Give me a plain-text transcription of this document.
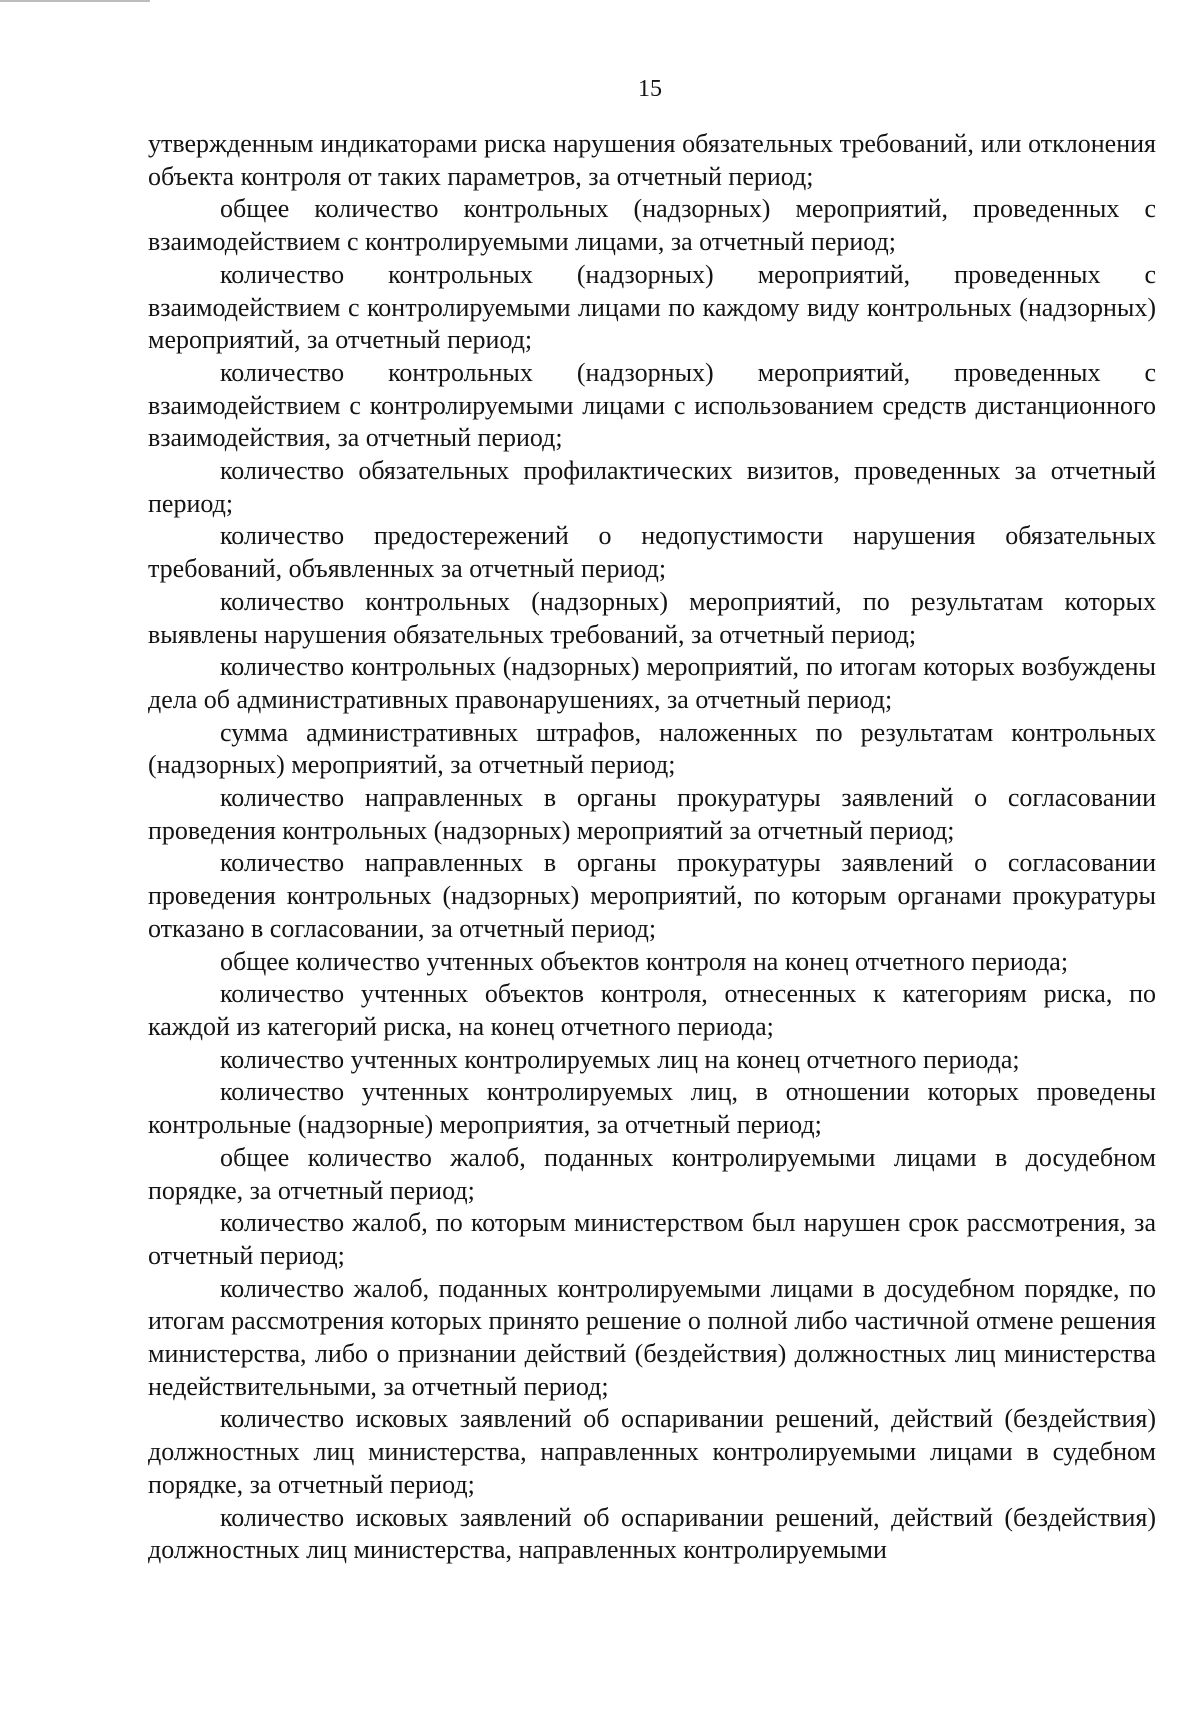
15

утвержденным индикаторами риска нарушения обязательных требований, или отклонения объекта контроля от таких параметров, за отчетный период;

общее количество контрольных (надзорных) мероприятий, проведенных с взаимодействием с контролируемыми лицами, за отчетный период;

количество контрольных (надзорных) мероприятий, проведенных с взаимодействием с контролируемыми лицами по каждому виду контрольных (надзорных) мероприятий, за отчетный период;

количество контрольных (надзорных) мероприятий, проведенных с взаимодействием с контролируемыми лицами с использованием средств дистанционного взаимодействия, за отчетный период;

количество обязательных профилактических визитов, проведенных за отчетный период;

количество предостережений о недопустимости нарушения обязательных требований, объявленных за отчетный период;

количество контрольных (надзорных) мероприятий, по результатам которых выявлены нарушения обязательных требований, за отчетный период;

количество контрольных (надзорных) мероприятий, по итогам которых возбуждены дела об административных правонарушениях, за отчетный период;

сумма административных штрафов, наложенных по результатам контрольных (надзорных) мероприятий, за отчетный период;

количество направленных в органы прокуратуры заявлений о согласовании проведения контрольных (надзорных) мероприятий за отчетный период;

количество направленных в органы прокуратуры заявлений о согласовании проведения контрольных (надзорных) мероприятий, по которым органами прокуратуры отказано в согласовании, за отчетный период;

общее количество учтенных объектов контроля на конец отчетного периода;

количество учтенных объектов контроля, отнесенных к категориям риска, по каждой из категорий риска, на конец отчетного периода;

количество учтенных контролируемых лиц на конец отчетного периода;

количество учтенных контролируемых лиц, в отношении которых проведены контрольные (надзорные) мероприятия, за отчетный период;

общее количество жалоб, поданных контролируемыми лицами в досудебном порядке, за отчетный период;

количество жалоб, по которым министерством был нарушен срок рассмотрения, за отчетный период;

количество жалоб, поданных контролируемыми лицами в досудебном порядке, по итогам рассмотрения которых принято решение о полной либо частичной отмене решения министерства, либо о признании действий (бездействия) должностных лиц министерства недействительными, за отчетный период;

количество исковых заявлений об оспаривании решений, действий (бездействия) должностных лиц министерства, направленных контролируемыми лицами в судебном порядке, за отчетный период;

количество исковых заявлений об оспаривании решений, действий (бездействия) должностных лиц министерства, направленных контролируемыми
